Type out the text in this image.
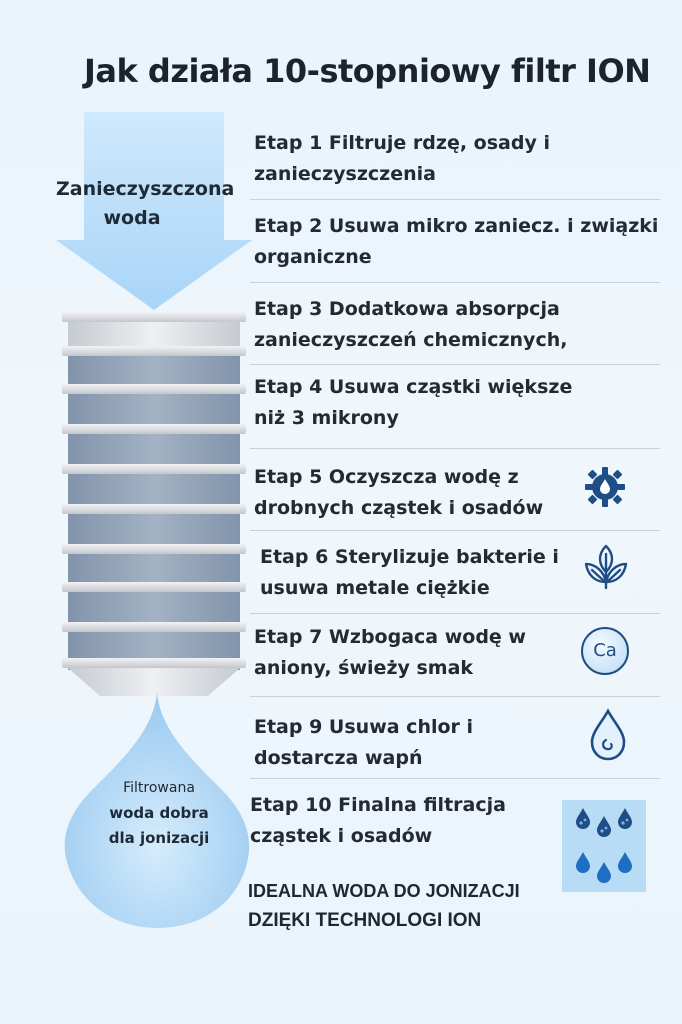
Jak działa 10-stopniowy filtr ION
Zanieczyszczona
woda
Filtrowana
woda dobra
dla jonizacji
Etap 1 Filtruje rdzę, osady i
zanieczyszczenia
Etap 2 Usuwa mikro zaniecz. i związki
organiczne
Etap 3 Dodatkowa absorpcja
zanieczyszczeń chemicznych,
Etap 4 Usuwa cząstki większe
niż 3 mikrony
Etap 5 Oczyszcza wodę z
drobnych cząstek i osadów
Etap 6 Sterylizuje bakterie i
usuwa metale ciężkie
Etap 7 Wzbogaca wodę w
aniony, świeży smak
Etap 9 Usuwa chlor i
dostarcza wapń
Etap 10 Finalna filtracja
cząstek i osadów
Ca
IDEALNA WODA DO JONIZACJI
DZIĘKI TECHNOLOGI ION
